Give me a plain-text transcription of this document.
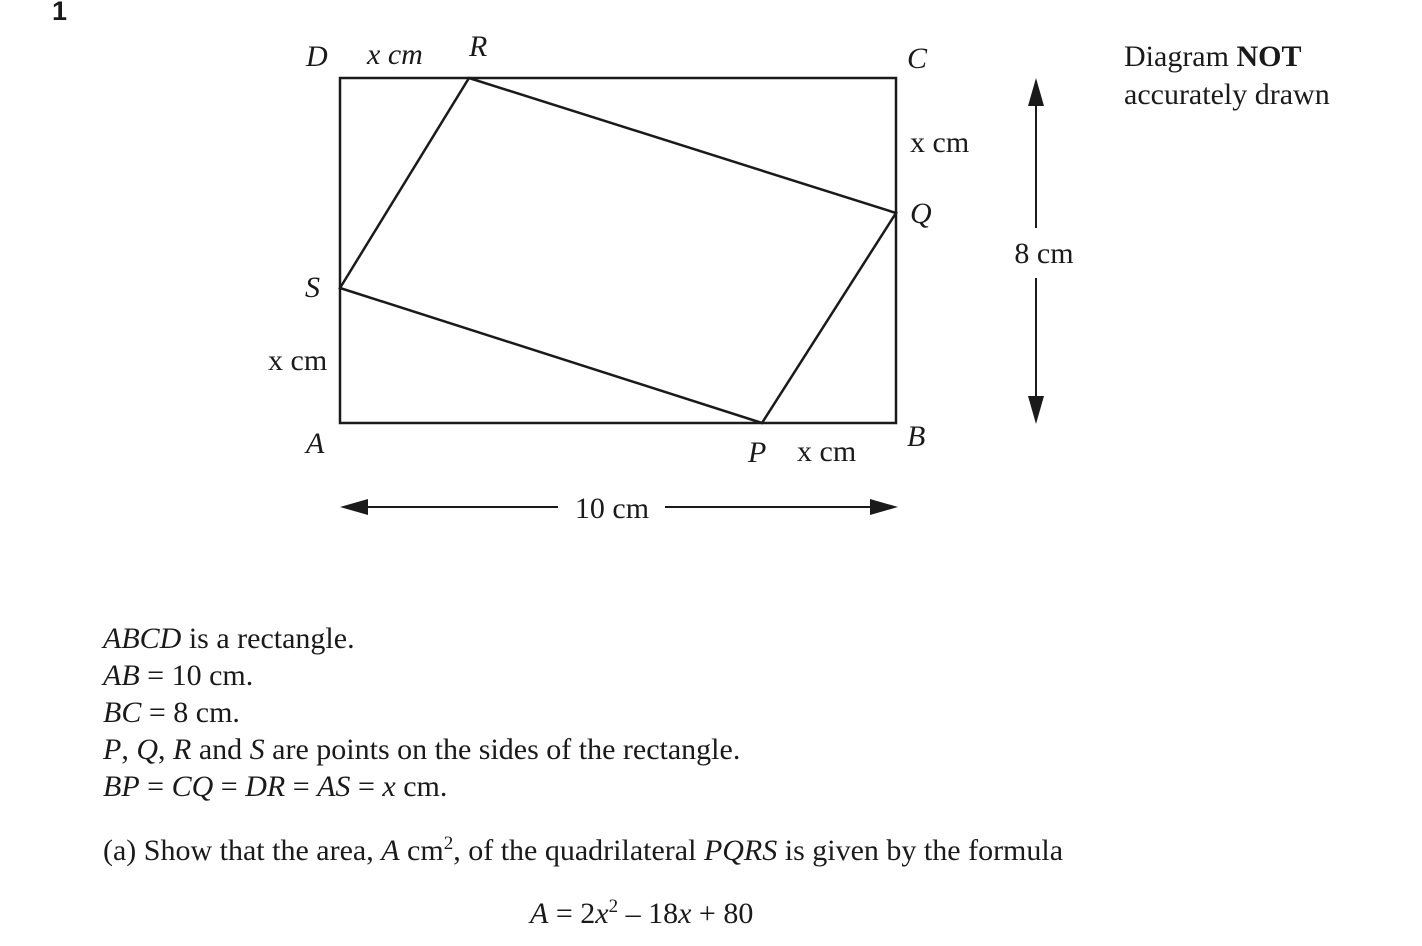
1
D	R	C
Q
S
A	P	B
x cm
x cm
x cm
x cm
10 cm
8 cm
Diagram NOT
accurately drawn
ABCD is a rectangle.
AB = 10 cm.
BC = 8 cm.
P, Q, R and S are points on the sides of the rectangle.
BP = CQ = DR = AS = x cm.
(a) Show that the area, A $cm^2$, of the quadrilateral PQRS is given by the formula
$A = 2x^2 - 18x + 80$
